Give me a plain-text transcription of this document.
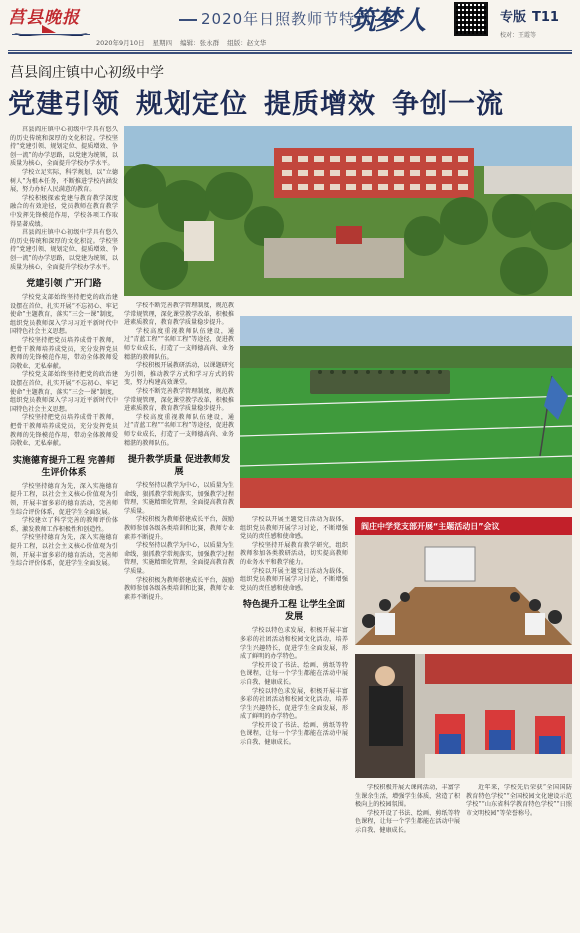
莒县晚报	2020年日照教师节特刊
筑梦人	专版 T11
2020年9月10日 星期四 编辑：张永群 组版：赵文华
校对：王霞等
莒县阎庄镇中心初级中学
党建引领 规划定位 提质增效 争创一流
阎庄中学党支部开展“主题活动日”会议

莒县阎庄镇中心初级中学具有悠久的历史传统和深厚的文化积淀。学校坚持“党建引领、规划定位、提质增效、争创一流”的办学思路，以党建为统领，以质量为核心，全面提升学校办学水平。

学校立足实际，科学规划，以“立德树人”为根本任务，不断推进学校内涵发展，努力办好人民满意的教育。

学校积极探索党建与教育教学深度融合的有效途径，党员教师在教育教学中发挥先锋模范作用，学校各项工作取得显著成绩。

莒县阎庄镇中心初级中学具有悠久的历史传统和深厚的文化积淀。学校坚持“党建引领、规划定位、提质增效、争创一流”的办学思路，以党建为统领，以质量为核心，全面提升学校办学水平。

党建引领 广开门路

学校党支部始终坚持把党的政治建设摆在首位，扎实开展“不忘初心、牢记使命”主题教育，落实“三会一课”制度，组织党员教师深入学习习近平新时代中国特色社会主义思想。

学校坚持把党员培养成骨干教师，把骨干教师培养成党员，充分发挥党员教师的先锋模范作用，带动全体教师爱岗敬业、无私奉献。

学校党支部始终坚持把党的政治建设摆在首位，扎实开展“不忘初心、牢记使命”主题教育，落实“三会一课”制度，组织党员教师深入学习习近平新时代中国特色社会主义思想。

学校坚持把党员培养成骨干教师，把骨干教师培养成党员，充分发挥党员教师的先锋模范作用，带动全体教师爱岗敬业、无私奉献。

实施德育提升工程 完善师生评价体系

学校坚持德育为先，深入实施德育提升工程，以社会主义核心价值观为引领，开展丰富多彩的德育活动，完善师生综合评价体系，促进学生全面发展。

学校建立了科学完善的教师评价体系，激发教师工作积极性和创造性。

学校坚持德育为先，深入实施德育提升工程，以社会主义核心价值观为引领，开展丰富多彩的德育活动，完善师生综合评价体系，促进学生全面发展。

学校不断完善教学管理制度，规范教学常规管理，深化课堂教学改革，积极推进素质教育，教育教学质量稳步提升。

学校高度重视教师队伍建设，通过“青蓝工程”“名师工程”等途径，促进教师专业成长，打造了一支师德高尚、业务精湛的教师队伍。

学校积极开展教研活动，以课题研究为引领，推动教学方式和学习方式的转变，努力构建高效课堂。

学校不断完善教学管理制度，规范教学常规管理，深化课堂教学改革，积极推进素质教育，教育教学质量稳步提升。

学校高度重视教师队伍建设，通过“青蓝工程”“名师工程”等途径，促进教师专业成长，打造了一支师德高尚、业务精湛的教师队伍。

提升教学质量 促进教师发展

学校坚持以教学为中心，以质量为生命线，狠抓教学常规落实，加强教学过程管理，实施精细化管理，全面提高教育教学质量。

学校积极为教师搭建成长平台，鼓励教师参加各级各类培训和比赛，教师专业素养不断提升。

学校坚持以教学为中心，以质量为生命线，狠抓教学常规落实，加强教学过程管理，实施精细化管理，全面提高教育教学质量。

学校积极为教师搭建成长平台，鼓励教师参加各级各类培训和比赛，教师专业素养不断提升。

学校以开展主题党日活动为载体，组织党员教师开展学习讨论，不断增强党员的责任感和使命感。

学校坚持开展教育教学研究，组织教师参加各类教研活动，切实提高教师的业务水平和教学能力。

学校以开展主题党日活动为载体，组织党员教师开展学习讨论，不断增强党员的责任感和使命感。

特色提升工程 让学生全面发展

学校以特色求发展，积极开展丰富多彩的社团活动和校园文化活动，培养学生兴趣特长，促进学生全面发展，形成了鲜明的办学特色。

学校开设了书法、绘画、剪纸等特色课程，让每一个学生都能在活动中展示自我、健康成长。

学校以特色求发展，积极开展丰富多彩的社团活动和校园文化活动，培养学生兴趣特长，促进学生全面发展，形成了鲜明的办学特色。

学校开设了书法、绘画、剪纸等特色课程，让每一个学生都能在活动中展示自我、健康成长。

学校积极开展大课间活动，丰富学生课余生活，增强学生体质，营造了积极向上的校园氛围。

学校开设了书法、绘画、剪纸等特色课程，让每一个学生都能在活动中展示自我、健康成长。

近年来，学校先后荣获“全国国防教育特色学校”“全国校园文化建设示范学校”“山东省科学教育特色学校”“日照市文明校园”等荣誉称号。
